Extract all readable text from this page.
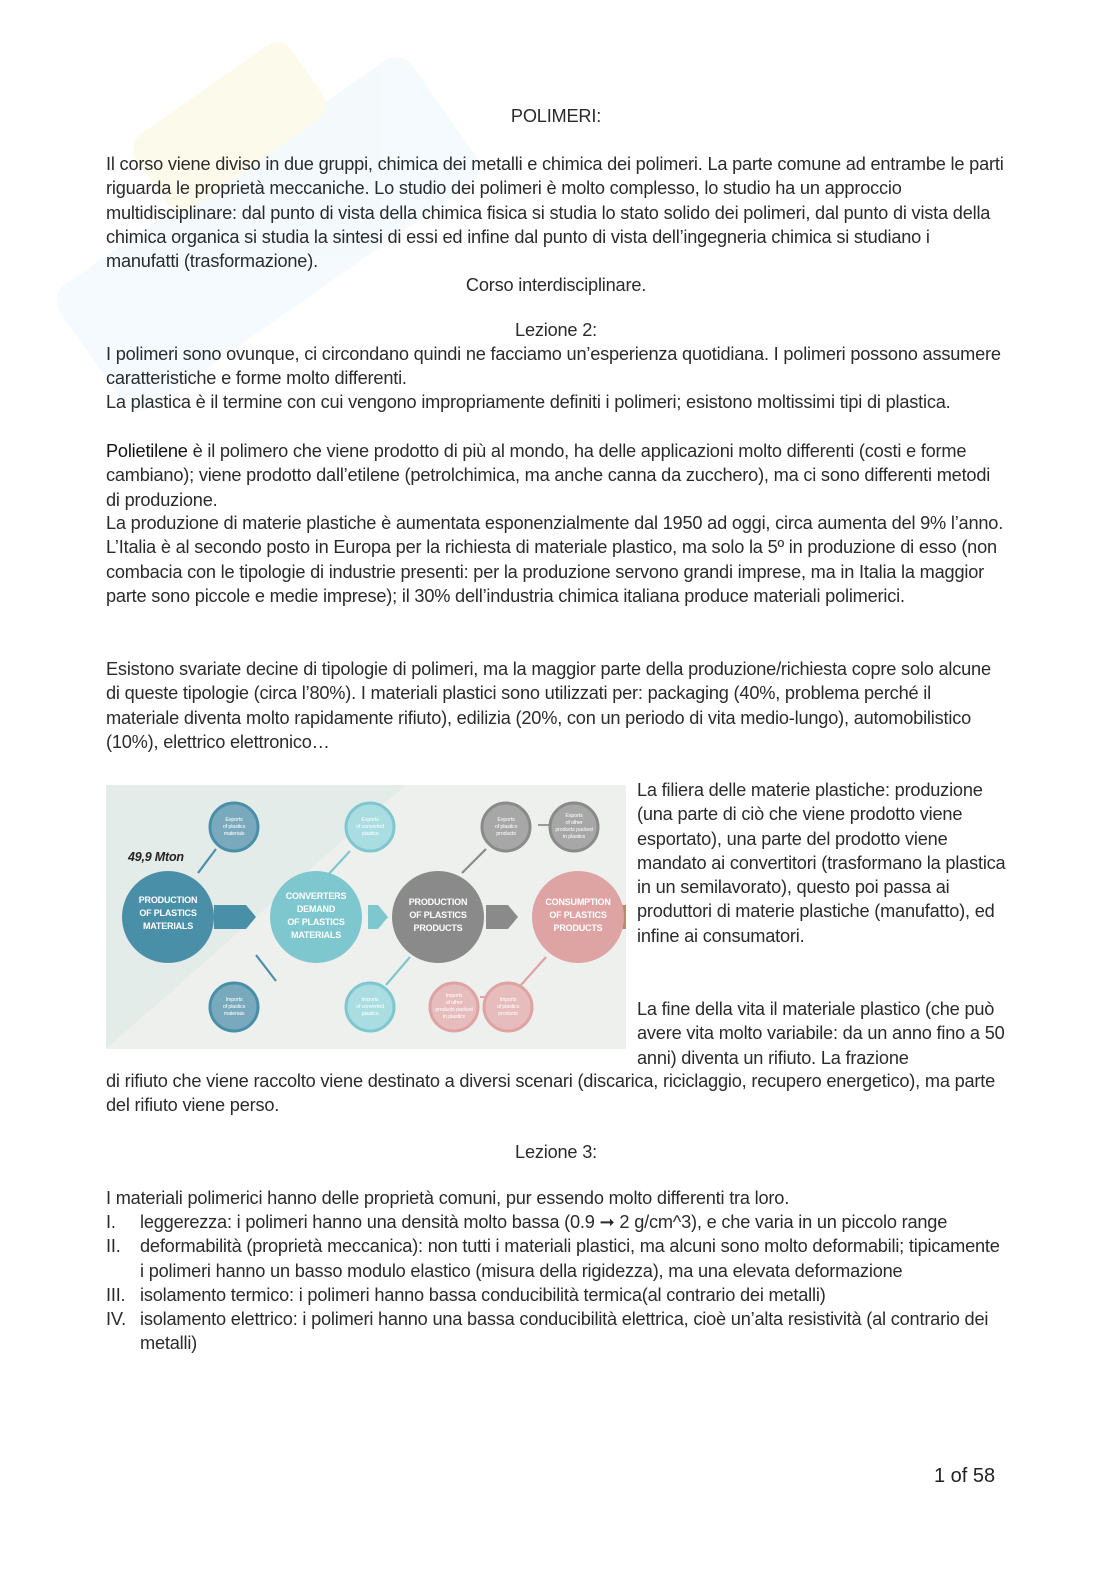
POLIMERI:

Il corso viene diviso in due gruppi, chimica dei metalli e chimica dei polimeri. La parte comune ad entrambe le parti riguarda le proprietà meccaniche. Lo studio dei polimeri è molto complesso, lo studio ha un approccio multidisciplinare: dal punto di vista della chimica fisica si studia lo stato solido dei polimeri, dal punto di vista della chimica organica si studia la sintesi di essi ed infine dal punto di vista dell’ingegneria chimica si studiano i manufatti (trasformazione).

Corso interdisciplinare.

Lezione 2:

I polimeri sono ovunque, ci circondano quindi ne facciamo un’esperienza quotidiana. I polimeri possono assumere caratteristiche e forme molto differenti.

La plastica è il termine con cui vengono impropriamente definiti i polimeri; esistono moltissimi tipi di plastica.

Polietilene è il polimero che viene prodotto di più al mondo, ha delle applicazioni molto differenti (costi e forme cambiano); viene prodotto dall’etilene (petrolchimica, ma anche canna da zucchero), ma ci sono differenti metodi di produzione.

La produzione di materie plastiche è aumentata esponenzialmente dal 1950 ad oggi, circa aumenta del 9% l’anno. L’Italia è al secondo posto in Europa per la richiesta di materiale plastico, ma solo la 5º in produzione di esso (non combacia con le tipologie di industrie presenti: per la produzione servono grandi imprese, ma in Italia la maggior parte sono piccole e medie imprese); il 30% dell’industria chimica italiana produce materiali polimerici.

Esistono svariate decine di tipologie di polimeri, ma la maggior parte della produzione/richiesta copre solo alcune di queste tipologie (circa l’80%). I materiali plastici sono utilizzati per: packaging (40%, problema perché il materiale diventa molto rapidamente rifiuto), edilizia (20%, con un periodo di vita medio-lungo), automobilistico (10%), elettrico elettronico…

49,9 Mton
PRODUCTION OF PLASTICS MATERIALS
CONVERTERS DEMAND OF PLASTICS MATERIALS
PRODUCTION OF PLASTICS PRODUCTS
CONSUMPTION OF PLASTICS PRODUCTS
Exports of plastics materials
Exports of converted plastics
Exports of plastics products
Exports of other products packed in plastics
Imports of plastics materials
Imports of converted plastics
Imports of other products packed in plastics
Imports of plastics products

La filiera delle materie plastiche: produzione (una parte di ciò che viene prodotto viene esportato), una parte del prodotto viene mandato ai convertitori (trasformano la plastica in un semilavorato), questo poi passa ai produttori di materie plastiche (manufatto), ed infine ai consumatori.

La fine della vita il materiale plastico (che può avere vita molto variabile: da un anno fino a 50 anni) diventa un rifiuto. La frazione

di rifiuto che viene raccolto viene destinato a diversi scenari (discarica, riciclaggio, recupero energetico), ma parte del rifiuto viene perso.

Lezione 3:

I materiali polimerici hanno delle proprietà comuni, pur essendo molto differenti tra loro.

I. leggerezza: i polimeri hanno una densità molto bassa (0.9 ➞ 2 g/cm^3), e che varia in un piccolo range
II. deformabilità (proprietà meccanica): non tutti i materiali plastici, ma alcuni sono molto deformabili; tipicamente i polimeri hanno un basso modulo elastico (misura della rigidezza), ma una elevata deformazione
III. isolamento termico: i polimeri hanno bassa conducibilità termica(al contrario dei metalli)
IV. isolamento elettrico: i polimeri hanno una bassa conducibilità elettrica, cioè un’alta resistività (al contrario dei metalli)
1 of 58
